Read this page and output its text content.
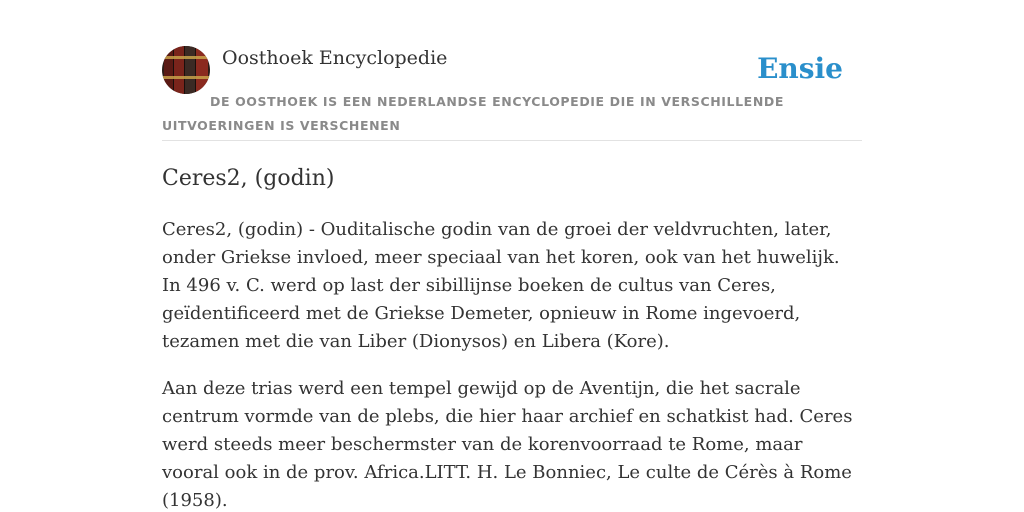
Oosthoek Encyclopedie	Ensie
DE OOSTHOEK IS EEN NEDERLANDSE ENCYCLOPEDIE DIE IN VERSCHILLENDE UITVOERINGEN IS VERSCHENEN
Ceres2, (godin)

Ceres2, (godin) - Ouditalische godin van de groei der veldvruchten, later, onder Griekse invloed, meer speciaal van het koren, ook van het huwelijk. In 496 v. C. werd op last der sibillijnse boeken de cultus van Ceres, geïdentificeerd met de Griekse Demeter, opnieuw in Rome ingevoerd, tezamen met die van Liber (Dionysos) en Libera (Kore).

Aan deze trias werd een tempel gewijd op de Aventijn, die het sacrale centrum vormde van de plebs, die hier haar archief en schatkist had. Ceres werd steeds meer beschermster van de korenvoorraad te Rome, maar vooral ook in de prov. Africa.LITT. H. Le Bonniec, Le culte de Cérès à Rome (1958).
